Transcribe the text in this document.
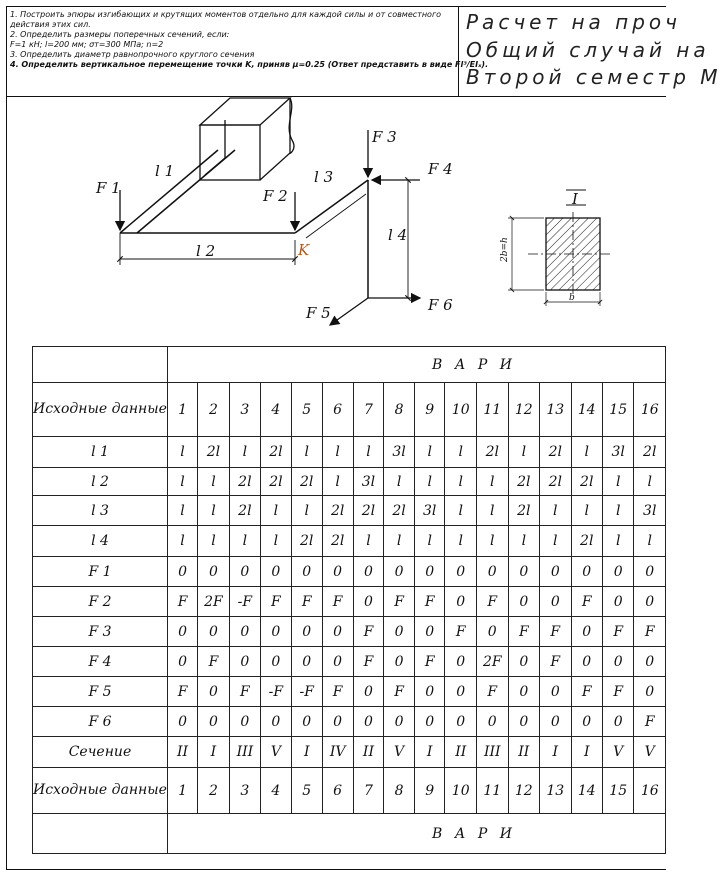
1. Построить эпюры изгибающих и крутящих моментов отдельно для каждой силы и от совместного
действия этих сил.
2. Определить размеры поперечных сечений, если:
F=1 кН; l=200 мм; σт=300 МПа; n=2
3. Определить диаметр равнопрочного круглого сечения
4. Определить вертикальное перемещение точки K, приняв μ=0.25 (Ответ представить в виде Fl³/EIₓ).
Расчет на проч
Общий случай на
Второй семестр М
F 1	F 2
F 3
F 4
F 5	F 6
l 1
l 2
l 3
l 4
K
I
2b=h
b
	В А Р И															
Исходные данные	1	2	3	4	5	6	7	8	9	10	11	12	13	14	15	16
l 1	l	2l	l	2l	l	l	l	3l	l	l	2l	l	2l	l	3l	2l
l 2	l	l	2l	2l	2l	l	3l	l	l	l	l	2l	2l	2l	l	l
l 3	l	l	2l	l	l	2l	2l	2l	3l	l	l	2l	l	l	l	3l
l 4	l	l	l	l	2l	2l	l	l	l	l	l	l	l	2l	l	l
F 1	0	0	0	0	0	0	0	0	0	0	0	0	0	0	0	0
F 2	F	2F	-F	F	F	F	0	F	F	0	F	0	0	F	0	0
F 3	0	0	0	0	0	0	F	0	0	F	0	F	F	0	F	F
F 4	0	F	0	0	0	0	F	0	F	0	2F	0	F	0	0	0
F 5	F	0	F	-F	-F	F	0	F	0	0	F	0	0	F	F	0
F 6	0	0	0	0	0	0	0	0	0	0	0	0	0	0	0	F
Сечение	II	I	III	V	I	IV	II	V	I	II	III	II	I	I	V	V
Исходные данные	1	2	3	4	5	6	7	8	9	10	11	12	13	14	15	16
	В А Р И															
